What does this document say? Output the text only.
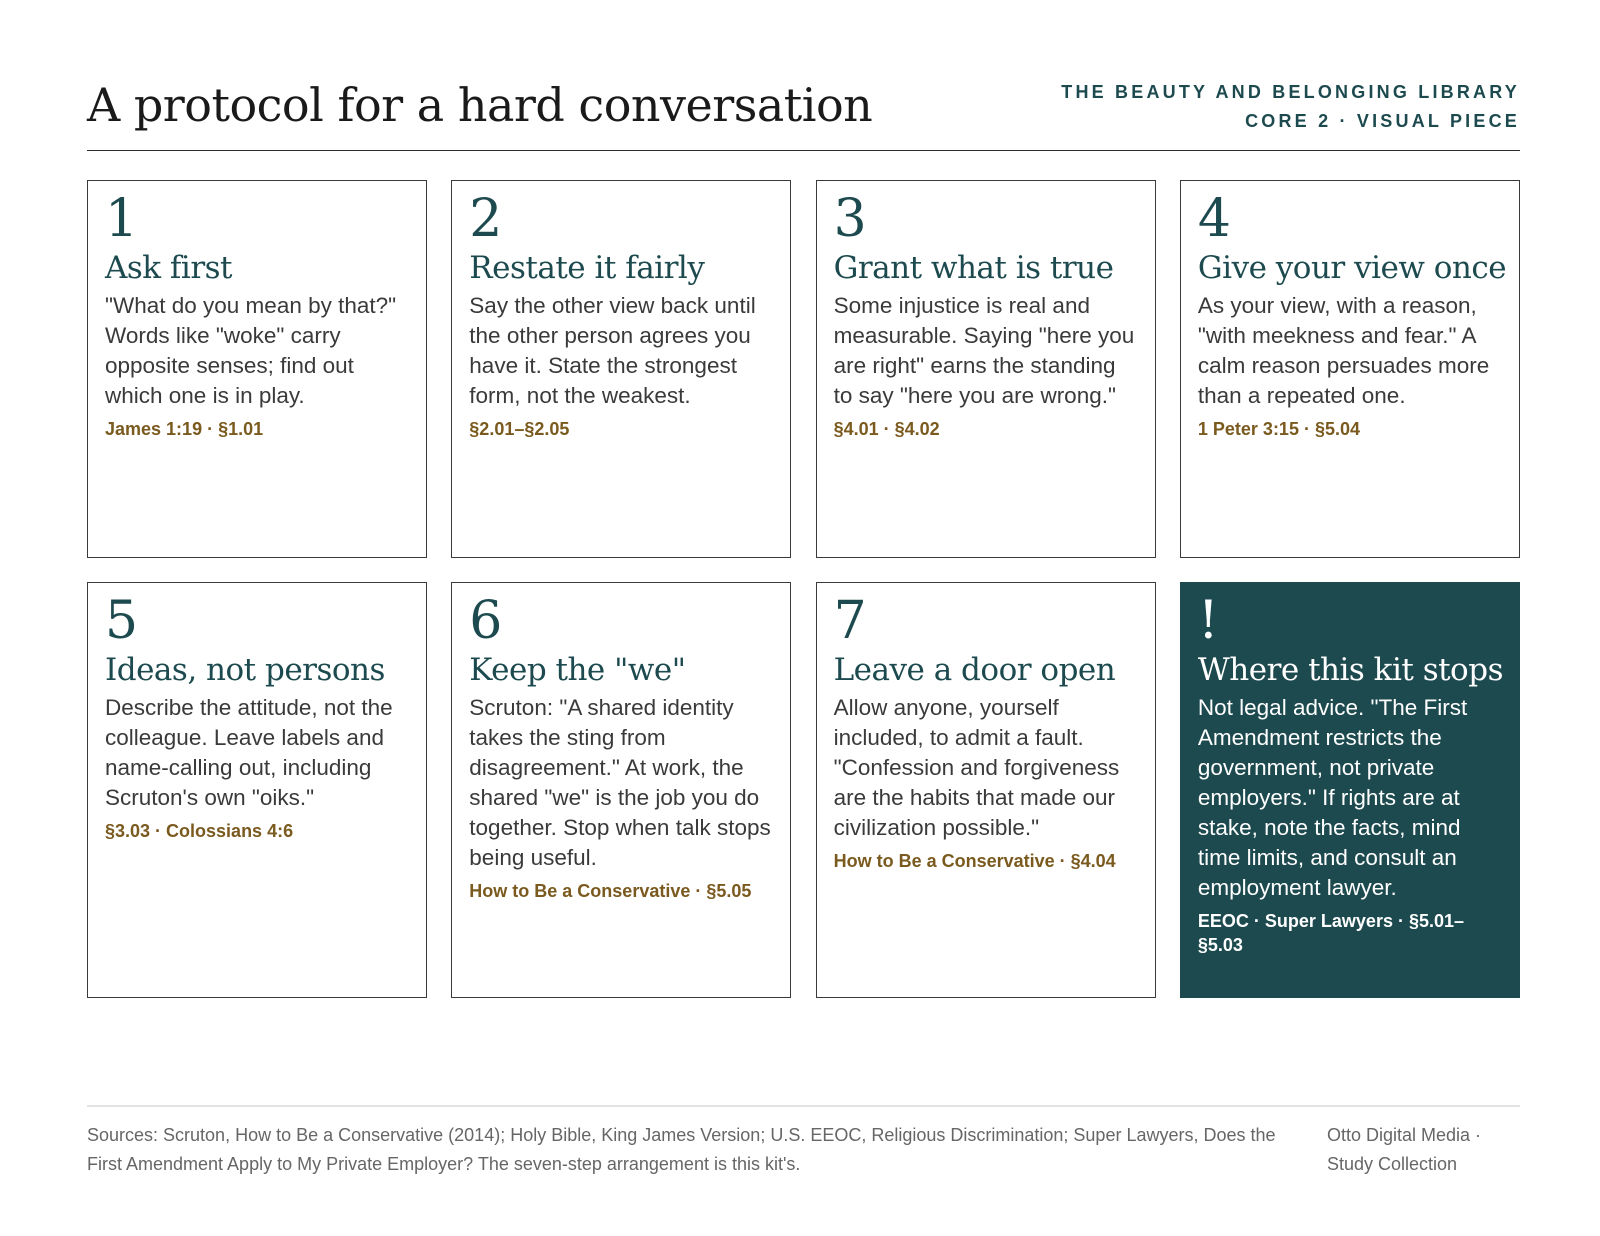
A protocol for a hard conversation	THE BEAUTY AND BELONGING LIBRARY
CORE 2 · VISUAL PIECE
1
Ask first
"What do you mean by that?" Words like "woke" carry opposite senses; find out which one is in play.
James 1:19 · §1.01
2
Restate it fairly
Say the other view back until the other person agrees you have it. State the strongest form, not the weakest.
§2.01–§2.05
3
Grant what is true
Some injustice is real and measurable. Saying "here you are right" earns the standing to say "here you are wrong."
§4.01 · §4.02
4
Give your view once
As your view, with a reason, "with meekness and fear." A calm reason persuades more than a repeated one.
1 Peter 3:15 · §5.04
5
Ideas, not persons
Describe the attitude, not the colleague. Leave labels and name-calling out, including Scruton's own "oiks."
§3.03 · Colossians 4:6
6
Keep the "we"
Scruton: "A shared identity takes the sting from disagreement." At work, the shared "we" is the job you do together. Stop when talk stops being useful.
How to Be a Conservative · §5.05
7
Leave a door open
Allow anyone, yourself included, to admit a fault. "Confession and forgiveness are the habits that made our civilization possible."
How to Be a Conservative · §4.04
!
Where this kit stops
Not legal advice. "The First Amendment restricts the government, not private employers." If rights are at stake, note the facts, mind time limits, and consult an employment lawyer.
EEOC · Super Lawyers · §5.01–§5.03
Sources: Scruton, How to Be a Conservative (2014); Holy Bible, King James Version; U.S. EEOC, Religious Discrimination; Super Lawyers, Does the First Amendment Apply to My Private Employer? The seven-step arrangement is this kit's.
Otto Digital Media · Study Collection
